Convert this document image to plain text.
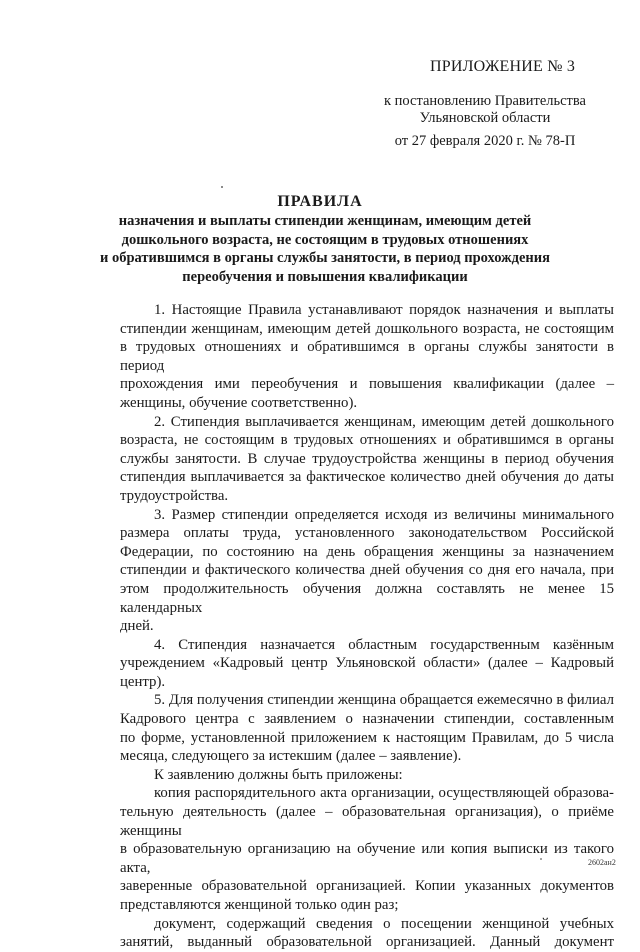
ПРИЛОЖЕНИЕ № 3
к постановлению Правительства
Ульяновской области
от 27 февраля 2020 г. № 78-П
ПРАВИЛА
назначения и выплаты стипендии женщинам, имеющим детей
дошкольного возраста, не состоящим в трудовых отношениях
и обратившимся в органы службы занятости, в период прохождения
переобучения и повышения квалификации

1. Настоящие Правила устанавливают порядок назначения и выплаты
стипендии женщинам, имеющим детей дошкольного возраста, не состоящим
в трудовых отношениях и обратившимся в органы службы занятости в период
прохождения ими переобучения и повышения квалификации (далее –
женщины, обучение соответственно).

2. Стипендия выплачивается женщинам, имеющим детей дошкольного
возраста, не состоящим в трудовых отношениях и обратившимся в органы
службы занятости. В случае трудоустройства женщины в период обучения
стипендия выплачивается за фактическое количество дней обучения до даты
трудоустройства.

3. Размер стипендии определяется исходя из величины минимального
размера оплаты труда, установленного законодательством Российской
Федерации, по состоянию на день обращения женщины за назначением
стипендии и фактического количества дней обучения со дня его начала, при
этом продолжительность обучения должна составлять не менее 15 календарных
дней.

4. Стипендия назначается областным государственным казённым
учреждением «Кадровый центр Ульяновской области» (далее – Кадровый
центр).

5. Для получения стипендии женщина обращается ежемесячно в филиал
Кадрового центра с заявлением о назначении стипендии, составленным
по форме, установленной приложением к настоящим Правилам, до 5 числа
месяца, следующего за истекшим (далее – заявление).

К заявлению должны быть приложены:

копия распорядительного акта организации, осуществляющей образова-
тельную деятельность (далее – образовательная организация), о приёме женщины
в образовательную организацию на обучение или копия выписки из такого акта,
заверенные образовательной организацией. Копии указанных документов
представляются женщиной только один раз;

документ, содержащий сведения о посещении женщиной учебных
занятий, выданный образовательной организацией. Данный документ

2602ан2
